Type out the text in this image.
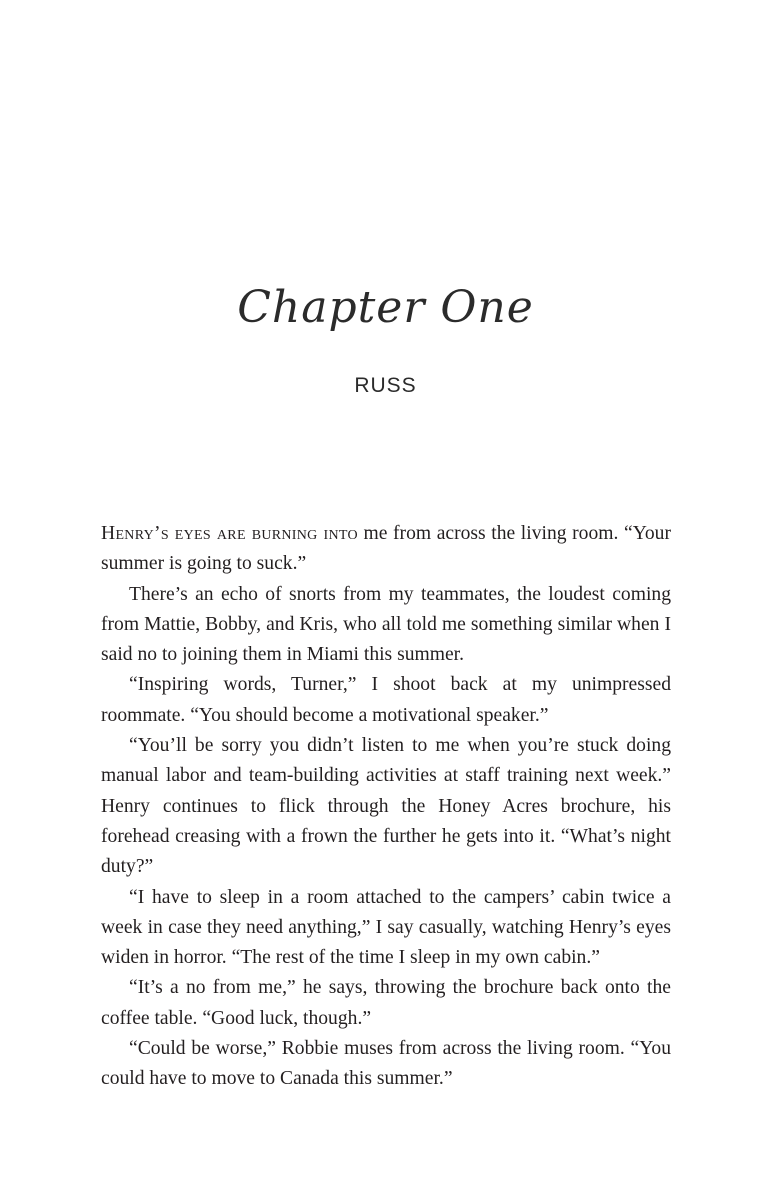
Chapter One
RUSS

Henry’s eyes are burning into me from across the living room. “Your summer is going to suck.”

There’s an echo of snorts from my teammates, the loudest coming from Mattie, Bobby, and Kris, who all told me something similar when I said no to joining them in Miami this summer.

“Inspiring words, Turner,” I shoot back at my unimpressed roommate. “You should become a motivational speaker.”

“You’ll be sorry you didn’t listen to me when you’re stuck doing manual labor and team-building activities at staff training next week.” Henry continues to flick through the Honey Acres brochure, his forehead creasing with a frown the further he gets into it. “What’s night duty?”

“I have to sleep in a room attached to the campers’ cabin twice a week in case they need anything,” I say casually, watching Henry’s eyes widen in horror. “The rest of the time I sleep in my own cabin.”

“It’s a no from me,” he says, throwing the brochure back onto the coffee table. “Good luck, though.”

“Could be worse,” Robbie muses from across the living room. “You could have to move to Canada this summer.”
